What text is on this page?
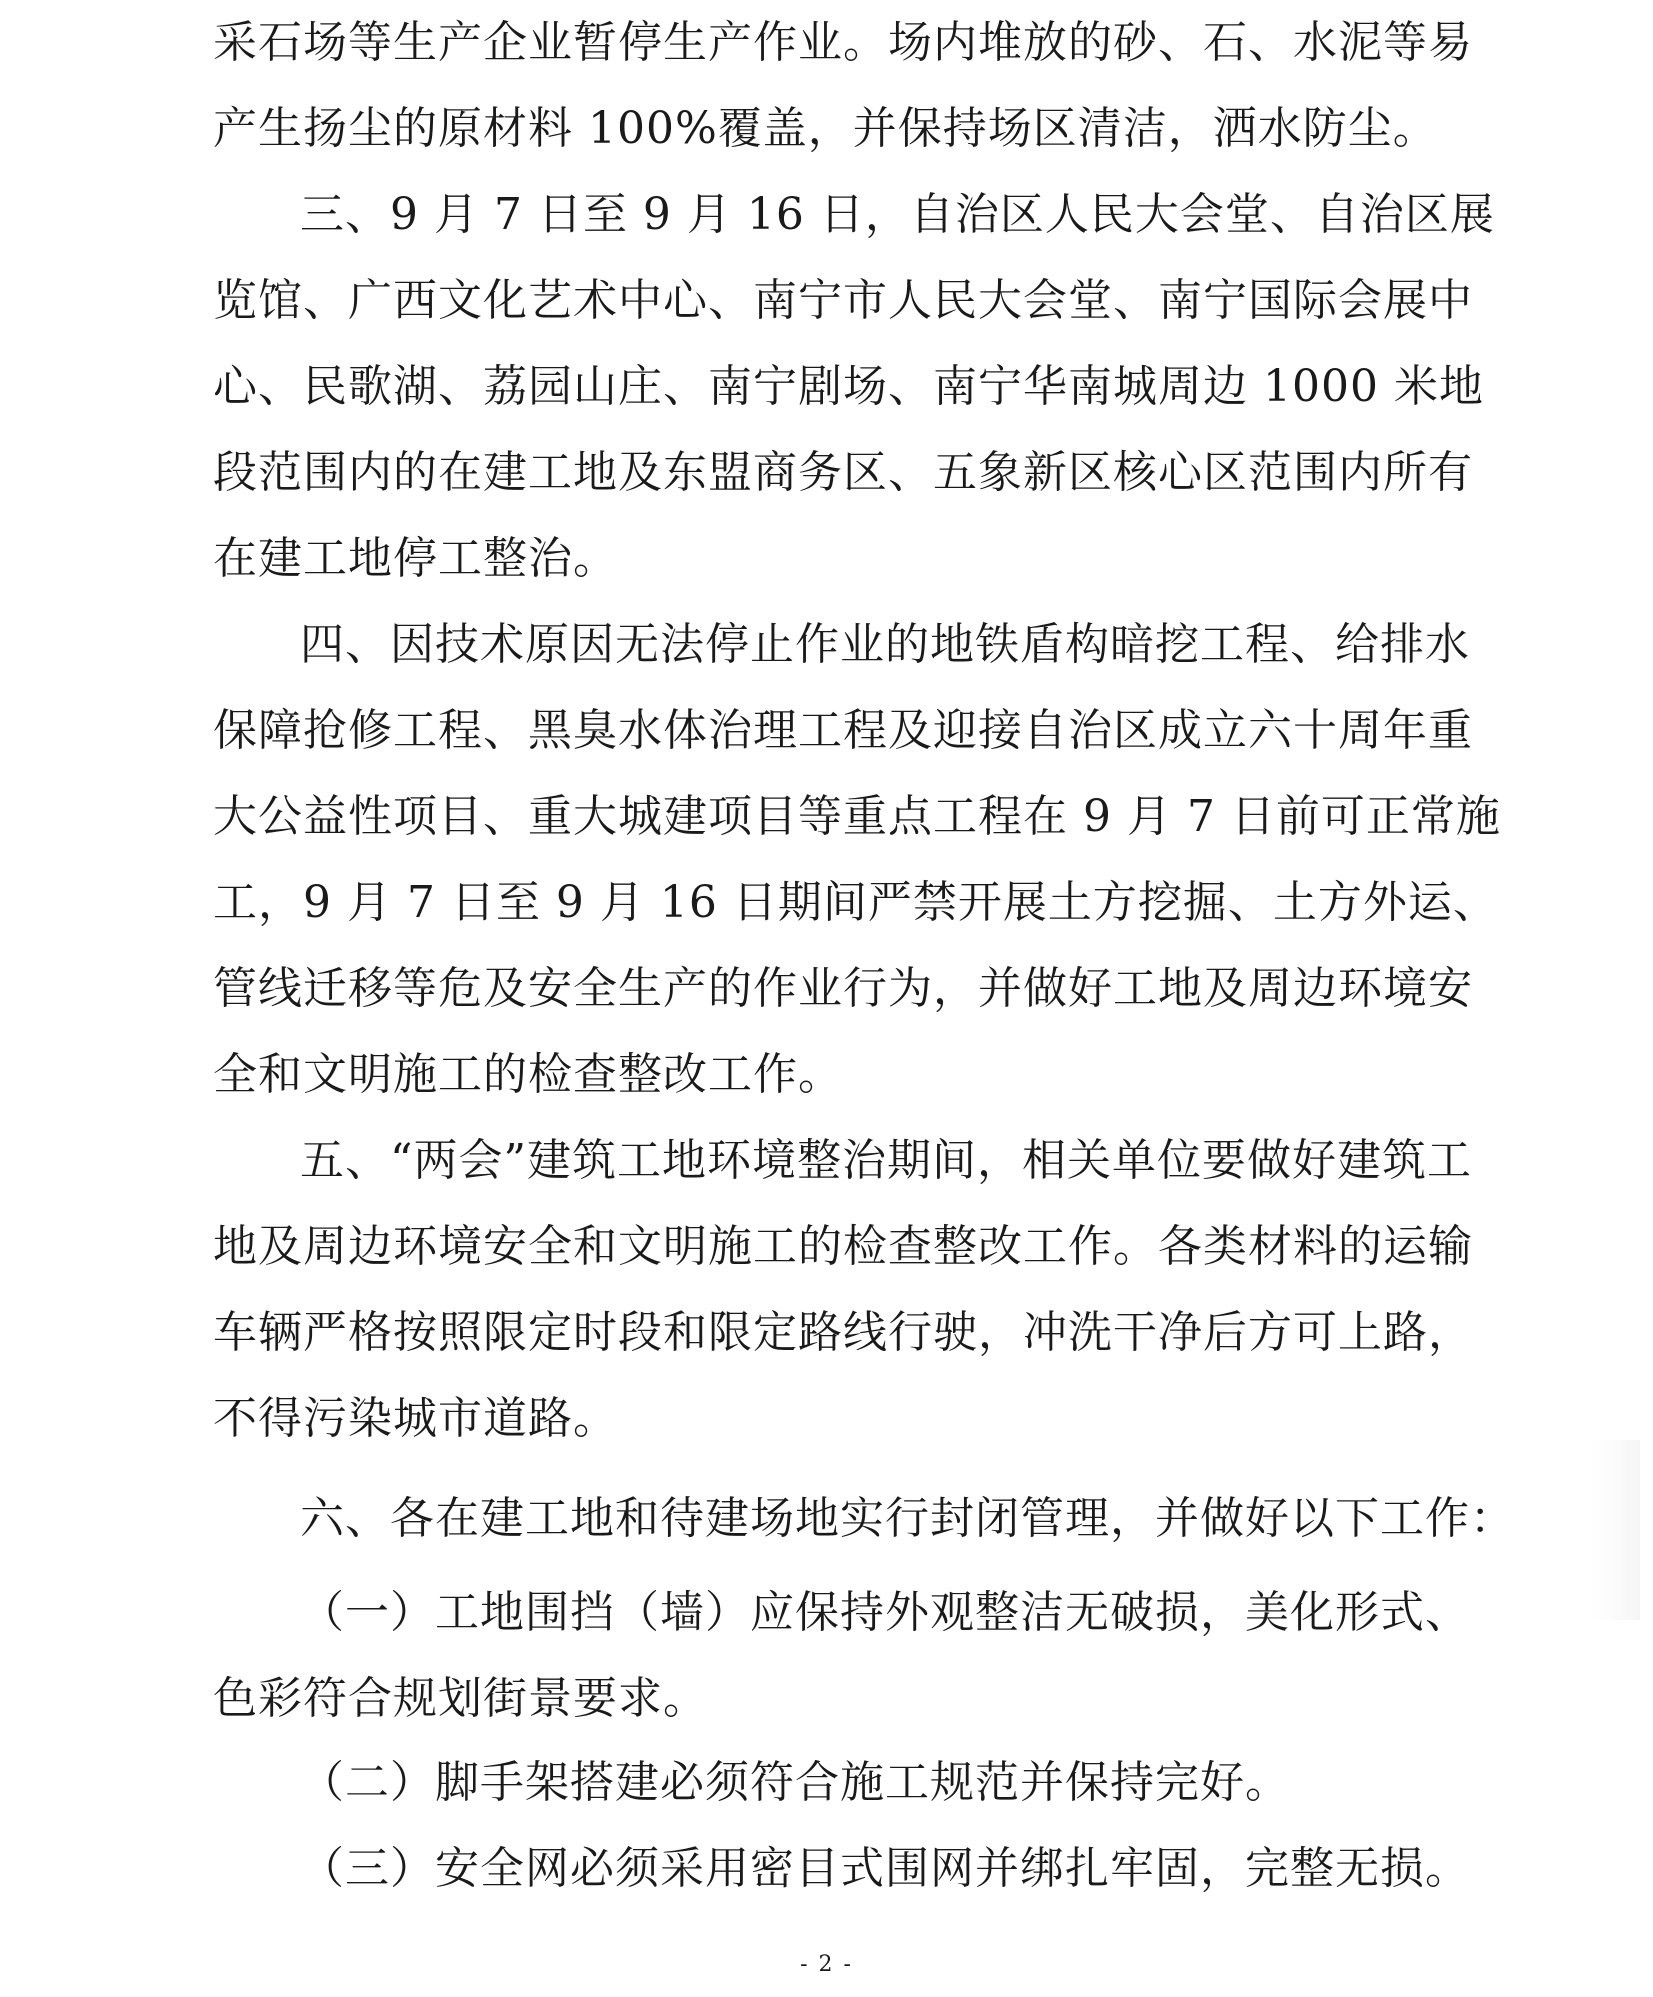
采石场等生产企业暂停生产作业。场内堆放的砂、石、水泥等易
产生扬尘的原材料 100%覆盖，并保持场区清洁，洒水防尘。
三、9 月 7 日至 9 月 16 日，自治区人民大会堂、自治区展
览馆、广西文化艺术中心、南宁市人民大会堂、南宁国际会展中
心、民歌湖、荔园山庄、南宁剧场、南宁华南城周边 1000 米地
段范围内的在建工地及东盟商务区、五象新区核心区范围内所有
在建工地停工整治。
四、因技术原因无法停止作业的地铁盾构暗挖工程、给排水
保障抢修工程、黑臭水体治理工程及迎接自治区成立六十周年重
大公益性项目、重大城建项目等重点工程在 9 月 7 日前可正常施
工，9 月 7 日至 9 月 16 日期间严禁开展土方挖掘、土方外运、
管线迁移等危及安全生产的作业行为，并做好工地及周边环境安
全和文明施工的检查整改工作。
五、“两会”建筑工地环境整治期间，相关单位要做好建筑工
地及周边环境安全和文明施工的检查整改工作。各类材料的运输
车辆严格按照限定时段和限定路线行驶，冲洗干净后方可上路，
不得污染城市道路。
六、各在建工地和待建场地实行封闭管理，并做好以下工作：
（一）工地围挡（墙）应保持外观整洁无破损，美化形式、
色彩符合规划街景要求。
（二）脚手架搭建必须符合施工规范并保持完好。
（三）安全网必须采用密目式围网并绑扎牢固，完整无损。
- 2 -
